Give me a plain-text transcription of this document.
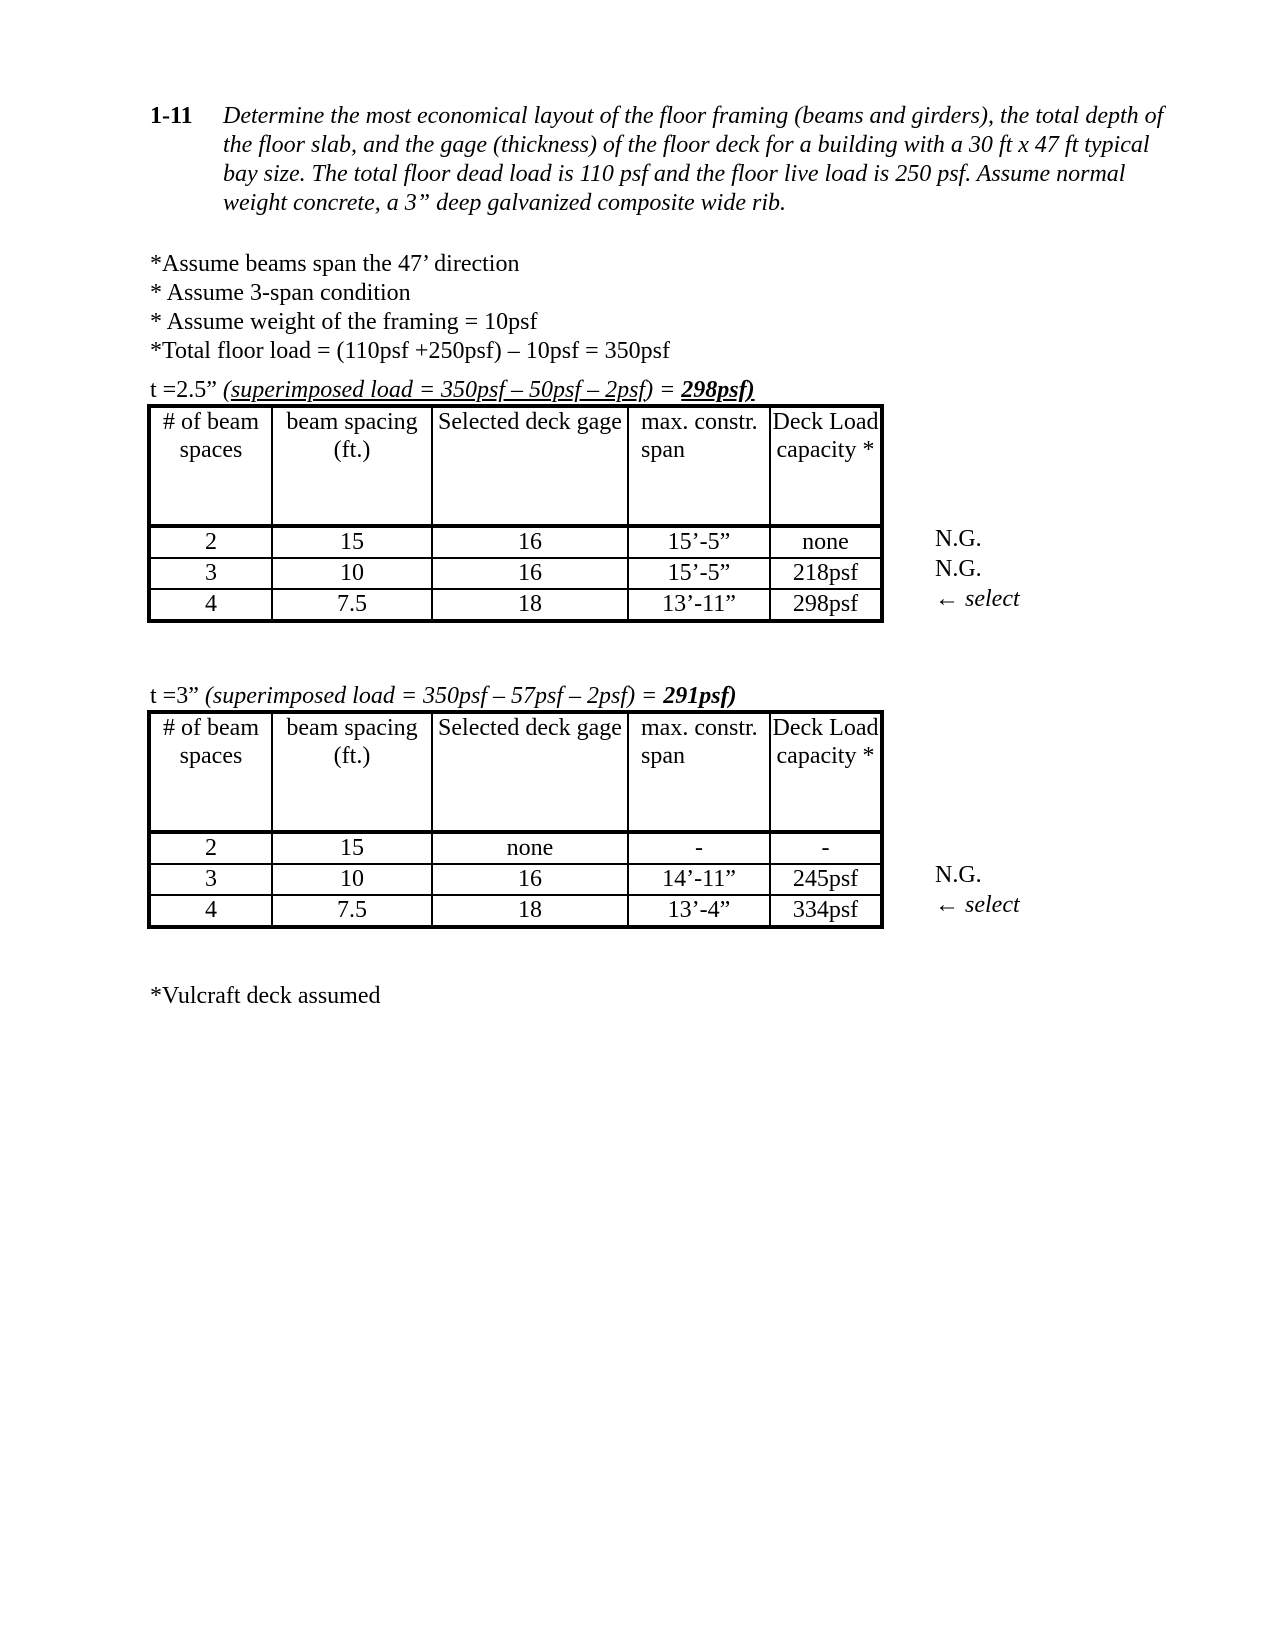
1-11 Determine the most economical layout of the floor framing (beams and girders), the total depth of the floor slab, and the gage (thickness) of the floor deck for a building with a 30 ft x 47 ft typical bay size. The total floor dead load is 110 psf and the floor live load is 250 psf. Assume normal weight concrete, a 3” deep galvanized composite wide rib.
*Assume beams span the 47’ direction
* Assume 3-span condition
* Assume weight of the framing = 10psf
*Total floor load = (110psf +250psf) – 10psf = 350psf
t =2.5” (superimposed load = 350psf – 50psf – 2psf) = 298psf)
# of beam spaces	beam spacing (ft.)	Selected deck gage	max. constr. span	Deck Load capacity *
2	15	16	15’-5”	none
3	10	16	15’-5”	218psf
4	7.5	18	13’-11”	298psf
N.G.
N.G.
← select
t =3” (superimposed load = 350psf – 57psf – 2psf) = 291psf)
# of beam spaces	beam spacing (ft.)	Selected deck gage	max. constr. span	Deck Load capacity *
2	15	none	-	-
3	10	16	14’-11”	245psf
4	7.5	18	13’-4”	334psf
N.G.
← select
*Vulcraft deck assumed
